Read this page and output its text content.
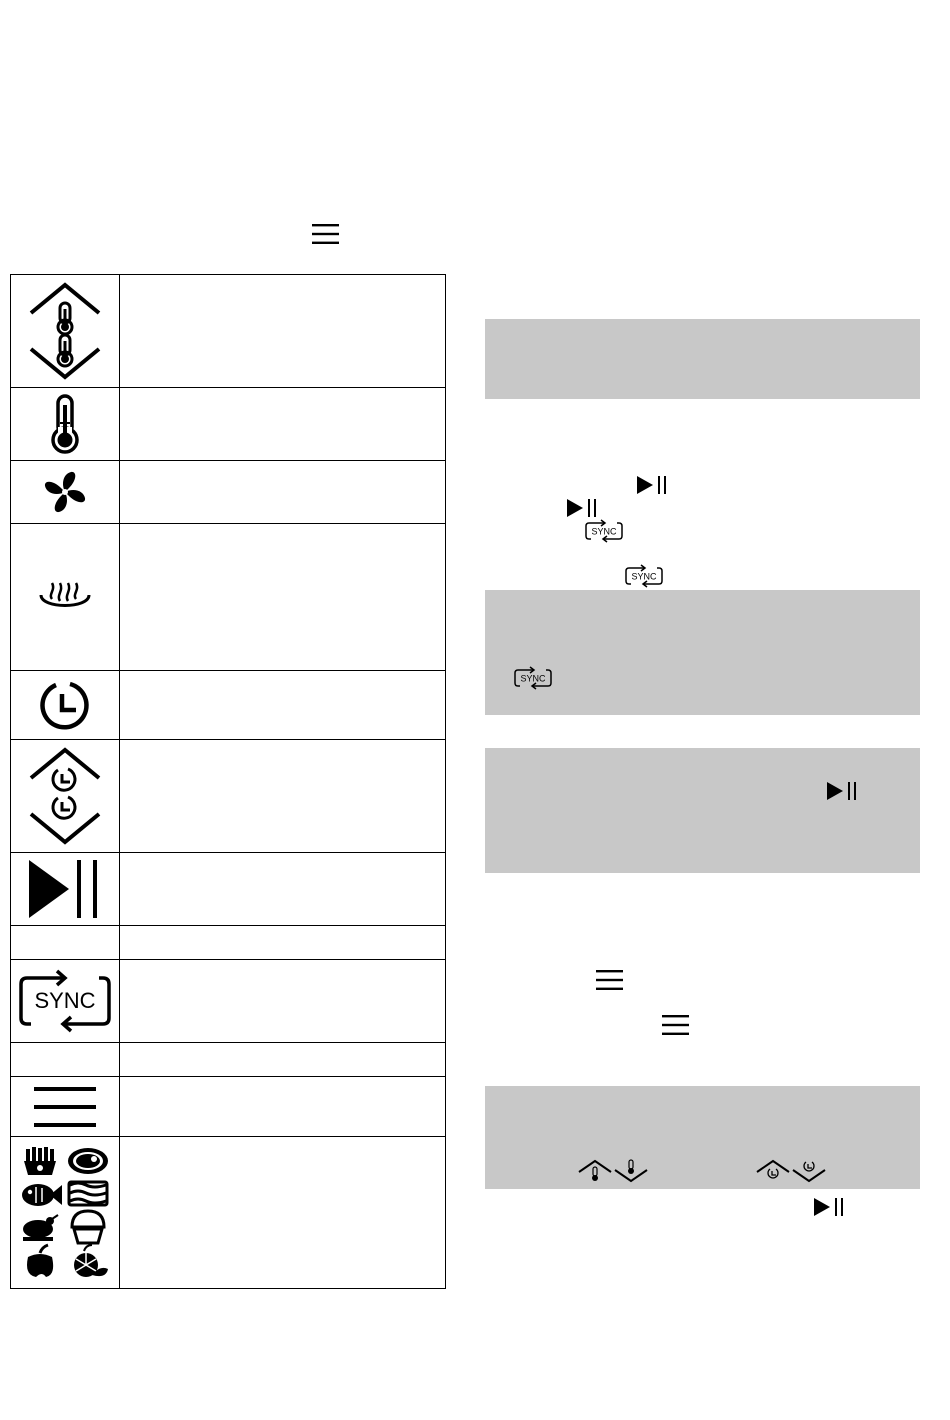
SYNC	

SYNC
SYNC
SYNC
